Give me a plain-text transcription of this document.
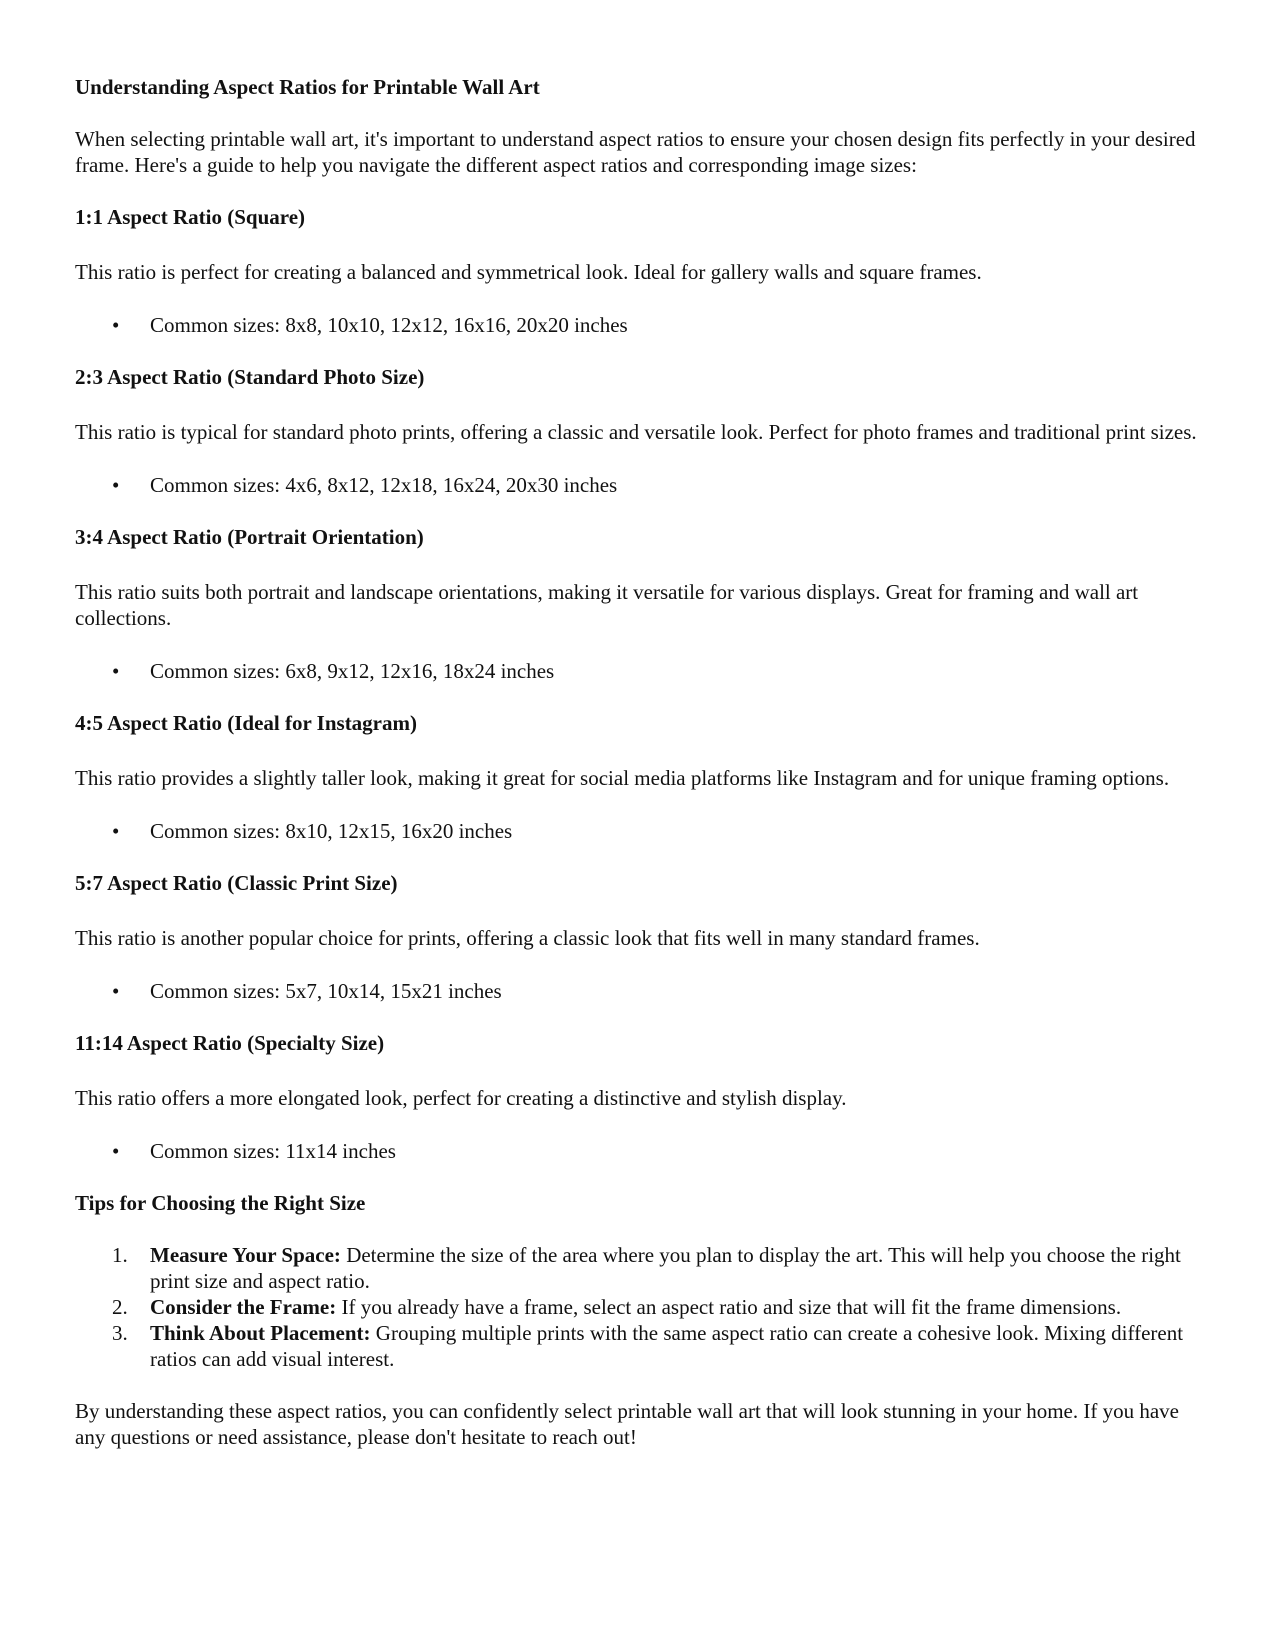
Understanding Aspect Ratios for Printable Wall Art

When selecting printable wall art, it's important to understand aspect ratios to ensure your chosen design fits perfectly in your desired frame. Here's a guide to help you navigate the different aspect ratios and corresponding image sizes:

1:1 Aspect Ratio (Square)

This ratio is perfect for creating a balanced and symmetrical look. Ideal for gallery walls and square frames.

• Common sizes: 8x8, 10x10, 12x12, 16x16, 20x20 inches

2:3 Aspect Ratio (Standard Photo Size)

This ratio is typical for standard photo prints, offering a classic and versatile look. Perfect for photo frames and traditional print sizes.

• Common sizes: 4x6, 8x12, 12x18, 16x24, 20x30 inches

3:4 Aspect Ratio (Portrait Orientation)

This ratio suits both portrait and landscape orientations, making it versatile for various displays. Great for framing and wall art collections.

• Common sizes: 6x8, 9x12, 12x16, 18x24 inches

4:5 Aspect Ratio (Ideal for Instagram)

This ratio provides a slightly taller look, making it great for social media platforms like Instagram and for unique framing options.

• Common sizes: 8x10, 12x15, 16x20 inches

5:7 Aspect Ratio (Classic Print Size)

This ratio is another popular choice for prints, offering a classic look that fits well in many standard frames.

• Common sizes: 5x7, 10x14, 15x21 inches

11:14 Aspect Ratio (Specialty Size)

This ratio offers a more elongated look, perfect for creating a distinctive and stylish display.

• Common sizes: 11x14 inches

Tips for Choosing the Right Size

1. Measure Your Space: Determine the size of the area where you plan to display the art. This will help you choose the right print size and aspect ratio.
2. Consider the Frame: If you already have a frame, select an aspect ratio and size that will fit the frame dimensions.
3. Think About Placement: Grouping multiple prints with the same aspect ratio can create a cohesive look. Mixing different ratios can add visual interest.

By understanding these aspect ratios, you can confidently select printable wall art that will look stunning in your home. If you have any questions or need assistance, please don't hesitate to reach out!
